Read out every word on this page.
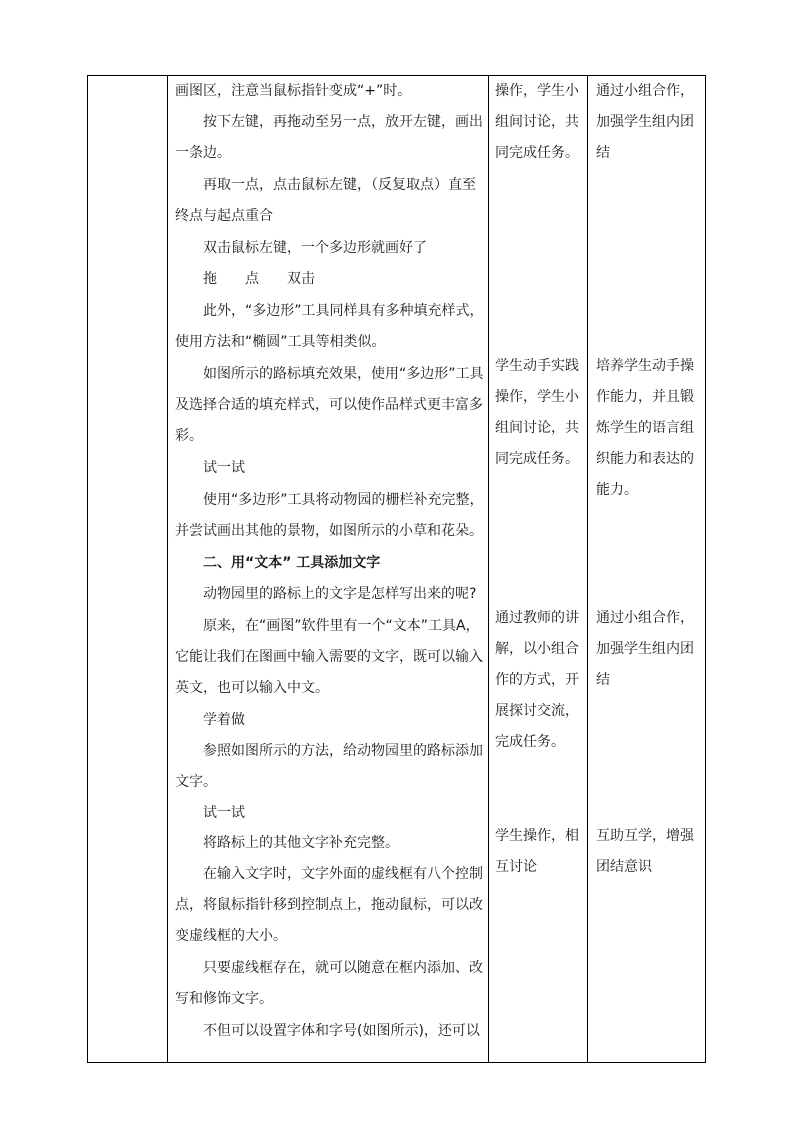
画图区，注意当鼠标指针变成“+”时。

　　按下左键，再拖动至另一点，放开左键，画出一条边。

　　再取一点，点击鼠标左键，（反复取点）直至终点与起点重合

　　双击鼠标左键，一个多边形就画好了

　　拖　　点　　双击

　　此外，“多边形”工具同样具有多种填充样式，使用方法和“椭圆”工具等相类似。

　　如图所示的路标填充效果，使用“多边形”工具及选择合适的填充样式，可以使作品样式更丰富多彩。

　　试一试

　　使用“多边形”工具将动物园的栅栏补充完整，并尝试画出其他的景物，如图所示的小草和花朵。

　　二、用“文本” 工具添加文字

　　动物园里的路标上的文字是怎样写出来的呢?

　　原来，在“画图”软件里有一个“文本”工具A，它能让我们在图画中输入需要的文字，既可以输入英文，也可以输入中文。

　　学着做

　　参照如图所示的方法，给动物园里的路标添加文字。

　　试一试

　　将路标上的其他文字补充完整。

　　在输入文字时，文字外面的虚线框有八个控制点，将鼠标指针移到控制点上，拖动鼠标，可以改变虚线框的大小。

　　只要虚线框存在，就可以随意在框内添加、改写和修饰文字。

　　不但可以设置字体和字号(如图所示)，还可以

操作，学生小组间讨论，共同完成任务。

学生动手实践操作，学生小组间讨论，共同完成任务。

通过教师的讲解，以小组合作的方式，开展探讨交流，完成任务。

学生操作，相互讨论

通过小组合作，加强学生组内团结

培养学生动手操作能力，并且锻炼学生的语言组织能力和表达的能力。

通过小组合作，加强学生组内团结

互助互学，增强团结意识
